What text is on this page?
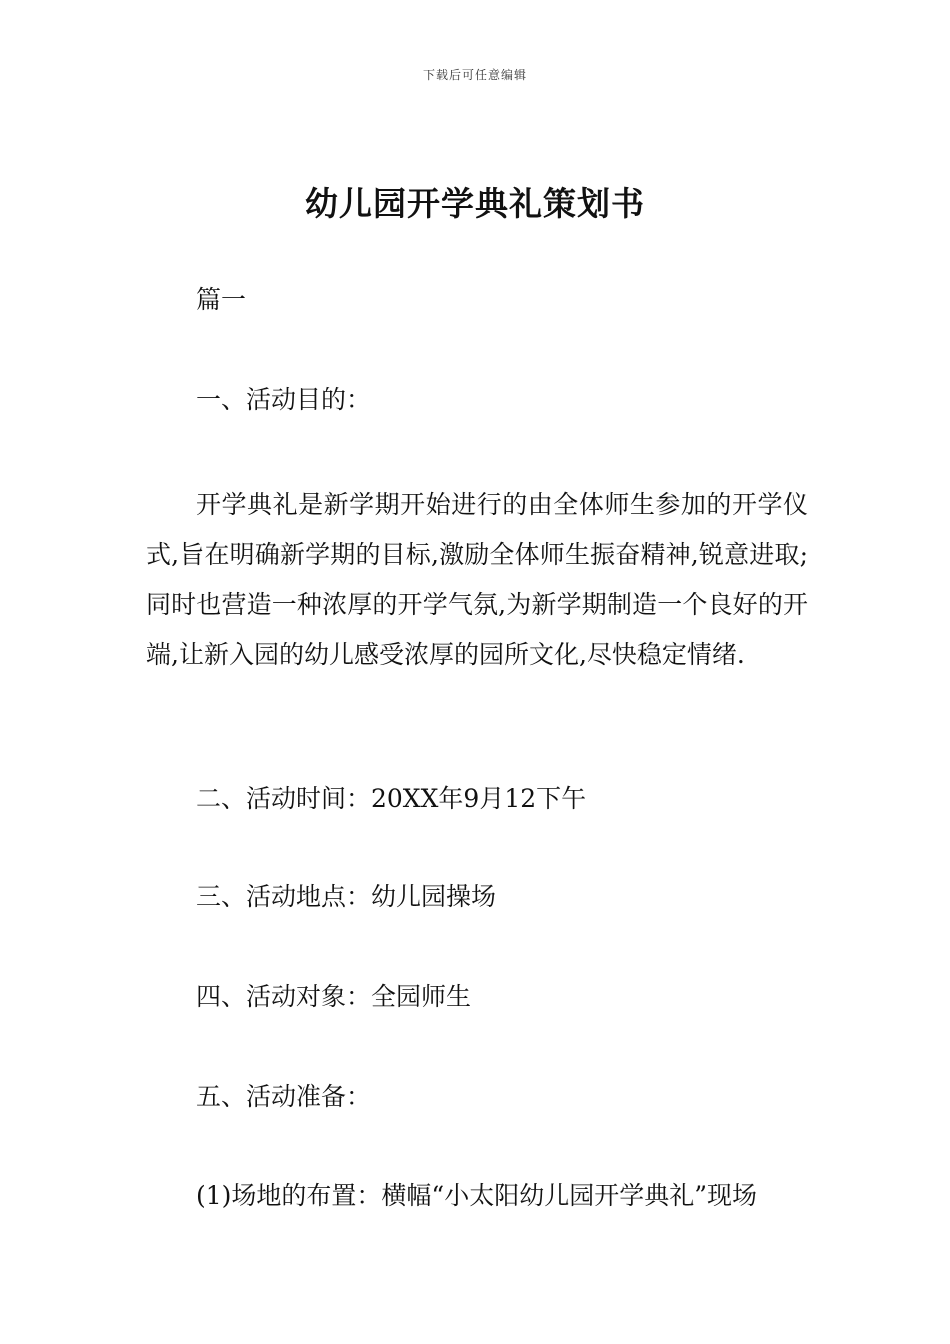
下载后可任意编辑
幼儿园开学典礼策划书
篇一
一、活动目的：
开学典礼是新学期开始进行的由全体师生参加的开学仪式,旨在明确新学期的目标,激励全体师生振奋精神,锐意进取;同时也营造一种浓厚的开学气氛,为新学期制造一个良好的开端,让新入园的幼儿感受浓厚的园所文化,尽快稳定情绪.
二、活动时间：20XX年9月12下午
三、活动地点：幼儿园操场
四、活动对象：全园师生
五、活动准备：
(1)场地的布置：横幅“小太阳幼儿园开学典礼”现场
